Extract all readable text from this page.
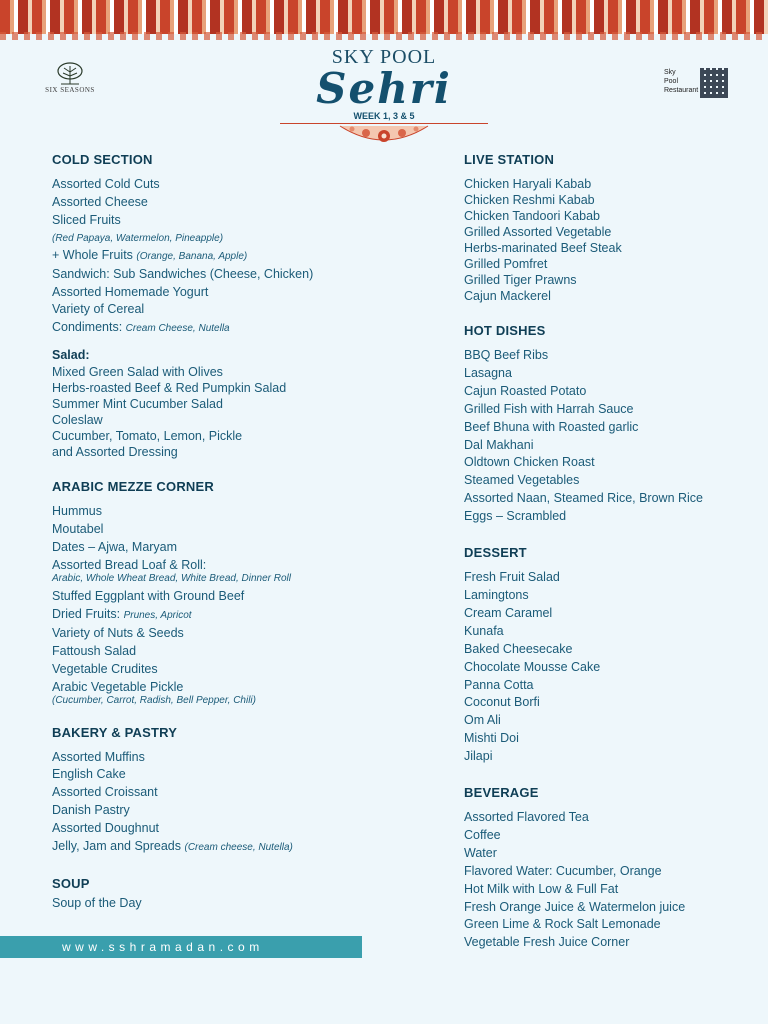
SIX SEASONS
Sky
Pool
Restaurant
SKY POOL
Sehri
WEEK 1, 3 & 5
COLD SECTION
Assorted Cold Cuts
Assorted Cheese
Sliced Fruits
(Red Papaya, Watermelon, Pineapple)
+ Whole Fruits (Orange, Banana, Apple)
Sandwich: Sub Sandwiches (Cheese, Chicken)
Assorted Homemade Yogurt
Variety of Cereal
Condiments: Cream Cheese, Nutella
Salad:
Mixed Green Salad with Olives
Herbs-roasted Beef & Red Pumpkin Salad
Summer Mint Cucumber Salad
Coleslaw
Cucumber, Tomato, Lemon, Pickle
and Assorted Dressing
ARABIC MEZZE CORNER
Hummus
Moutabel
Dates – Ajwa, Maryam
Assorted Bread Loaf & Roll:
Arabic, Whole Wheat Bread, White Bread, Dinner Roll
Stuffed Eggplant with Ground Beef
Dried Fruits: Prunes, Apricot
Variety of Nuts & Seeds
Fattoush Salad
Vegetable Crudites
Arabic Vegetable Pickle
(Cucumber, Carrot, Radish, Bell Pepper, Chili)
BAKERY & PASTRY
Assorted Muffins
English Cake
Assorted Croissant
Danish Pastry
Assorted Doughnut
Jelly, Jam and Spreads (Cream cheese, Nutella)
SOUP
Soup of the Day
LIVE STATION
Chicken Haryali Kabab
Chicken Reshmi Kabab
Chicken Tandoori Kabab
Grilled Assorted Vegetable
Herbs-marinated Beef Steak
Grilled Pomfret
Grilled Tiger Prawns
Cajun Mackerel
HOT DISHES
BBQ Beef Ribs
Lasagna
Cajun Roasted Potato
Grilled Fish with Harrah Sauce
Beef Bhuna with Roasted garlic
Dal Makhani
Oldtown Chicken Roast
Steamed Vegetables
Assorted Naan, Steamed Rice, Brown Rice
Eggs – Scrambled
DESSERT
Fresh Fruit Salad
Lamingtons
Cream Caramel
Kunafa
Baked Cheesecake
Chocolate Mousse Cake
Panna Cotta
Coconut Borfi
Om Ali
Mishti Doi
Jilapi
BEVERAGE
Assorted Flavored Tea
Coffee
Water
Flavored Water: Cucumber, Orange
Hot Milk with Low & Full Fat
Fresh Orange Juice & Watermelon juice
Green Lime & Rock Salt Lemonade
Vegetable Fresh Juice Corner
www.sshramadan.com
